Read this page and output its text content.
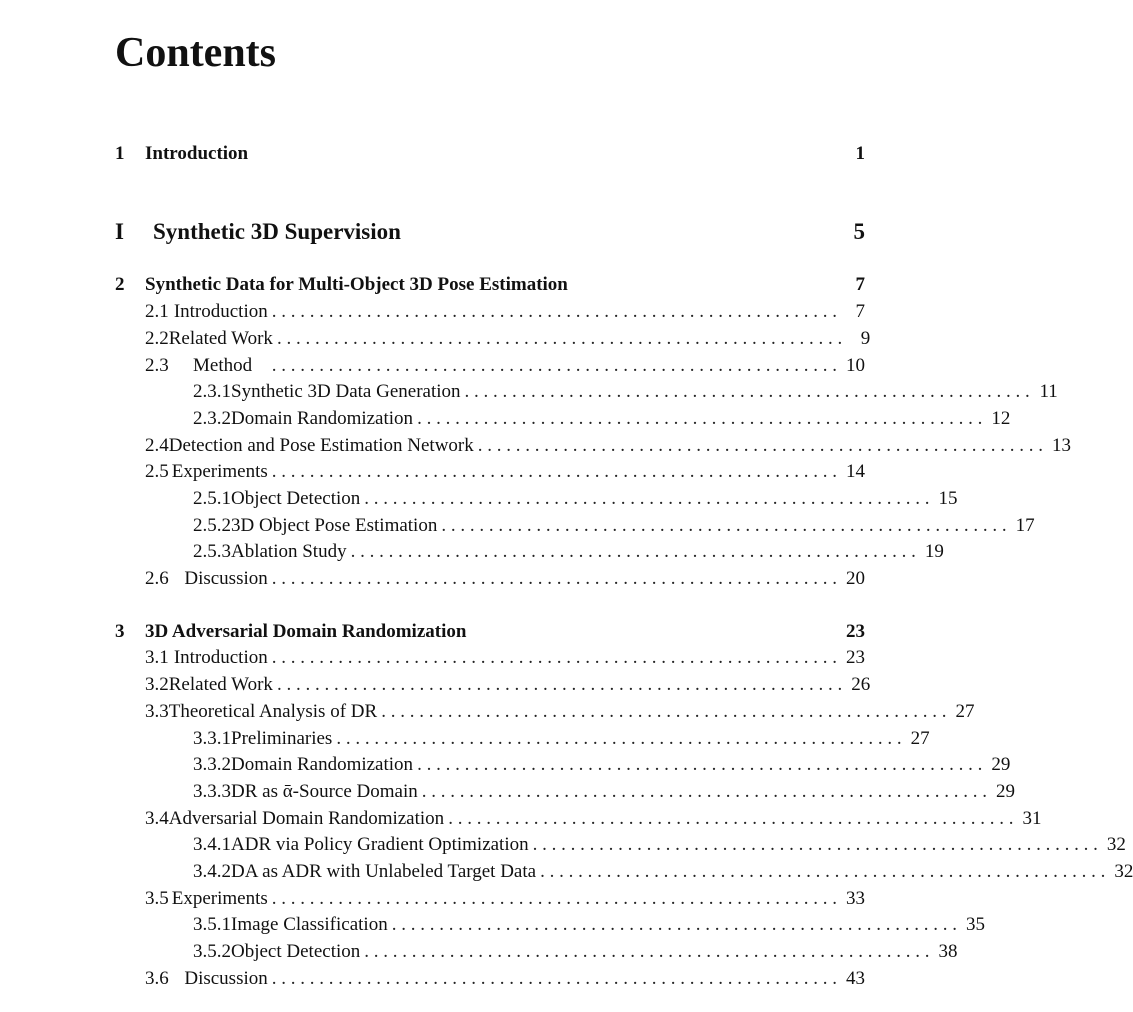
Contents
1	Introduction	1
I	Synthetic 3D Supervision	5
2	Synthetic Data for Multi-Object 3D Pose Estimation	7
2.1 Introduction . . . . . . . . . . . . . . . . . . . . . . . . . . . . . . . . . . . . . . . . . . . . . . . . . . . . . . . . . . . . 7
2.2 Related Work . . . . . . . . . . . . . . . . . . . . . . . . . . . . . . . . . . . . . . . . . . . . . . . . . . . . . . . . . . . . 9
2.3	Method	. . . . . . . . . . . . . . . . . . . . . . . . . . . . . . . . . . . . . . . . . . . . . . . . . . . . . . . . . . . . 10
2.3.1 Synthetic 3D Data Generation . . . . . . . . . . . . . . . . . . . . . . . . . . . . . . . . . . . . . . . . . . . . . . . . . . . . . . . . . . . . 11
2.3.2 Domain Randomization . . . . . . . . . . . . . . . . . . . . . . . . . . . . . . . . . . . . . . . . . . . . . . . . . . . . . . . . . . . . 12
2.4 Detection and Pose Estimation Network . . . . . . . . . . . . . . . . . . . . . . . . . . . . . . . . . . . . . . . . . . . . . . . . . . . . . . . . . . . . 13
2.5 Experiments . . . . . . . . . . . . . . . . . . . . . . . . . . . . . . . . . . . . . . . . . . . . . . . . . . . . . . . . . . . . 14
2.5.1 Object Detection . . . . . . . . . . . . . . . . . . . . . . . . . . . . . . . . . . . . . . . . . . . . . . . . . . . . . . . . . . . . 15
2.5.2 3D Object Pose Estimation . . . . . . . . . . . . . . . . . . . . . . . . . . . . . . . . . . . . . . . . . . . . . . . . . . . . . . . . . . . . 17
2.5.3 Ablation Study . . . . . . . . . . . . . . . . . . . . . . . . . . . . . . . . . . . . . . . . . . . . . . . . . . . . . . . . . . . . 19
2.6 Discussion . . . . . . . . . . . . . . . . . . . . . . . . . . . . . . . . . . . . . . . . . . . . . . . . . . . . . . . . . . . . 20
3	3D Adversarial Domain Randomization	23
3.1 Introduction . . . . . . . . . . . . . . . . . . . . . . . . . . . . . . . . . . . . . . . . . . . . . . . . . . . . . . . . . . . . 23
3.2 Related Work . . . . . . . . . . . . . . . . . . . . . . . . . . . . . . . . . . . . . . . . . . . . . . . . . . . . . . . . . . . . 26
3.3 Theoretical Analysis of DR . . . . . . . . . . . . . . . . . . . . . . . . . . . . . . . . . . . . . . . . . . . . . . . . . . . . . . . . . . . . 27
3.3.1 Preliminaries . . . . . . . . . . . . . . . . . . . . . . . . . . . . . . . . . . . . . . . . . . . . . . . . . . . . . . . . . . . . 27
3.3.2 Domain Randomization . . . . . . . . . . . . . . . . . . . . . . . . . . . . . . . . . . . . . . . . . . . . . . . . . . . . . . . . . . . . 29
3.3.3 DR as ᾱ-Source Domain . . . . . . . . . . . . . . . . . . . . . . . . . . . . . . . . . . . . . . . . . . . . . . . . . . . . . . . . . . . . 29
3.4 Adversarial Domain Randomization . . . . . . . . . . . . . . . . . . . . . . . . . . . . . . . . . . . . . . . . . . . . . . . . . . . . . . . . . . . . 31
3.4.1 ADR via Policy Gradient Optimization . . . . . . . . . . . . . . . . . . . . . . . . . . . . . . . . . . . . . . . . . . . . . . . . . . . . . . . . . . . . 32
3.4.2 DA as ADR with Unlabeled Target Data . . . . . . . . . . . . . . . . . . . . . . . . . . . . . . . . . . . . . . . . . . . . . . . . . . . . . . . . . . . . 32
3.5 Experiments . . . . . . . . . . . . . . . . . . . . . . . . . . . . . . . . . . . . . . . . . . . . . . . . . . . . . . . . . . . . 33
3.5.1 Image Classification . . . . . . . . . . . . . . . . . . . . . . . . . . . . . . . . . . . . . . . . . . . . . . . . . . . . . . . . . . . . 35
3.5.2 Object Detection . . . . . . . . . . . . . . . . . . . . . . . . . . . . . . . . . . . . . . . . . . . . . . . . . . . . . . . . . . . . 38
3.6 Discussion . . . . . . . . . . . . . . . . . . . . . . . . . . . . . . . . . . . . . . . . . . . . . . . . . . . . . . . . . . . . 43
